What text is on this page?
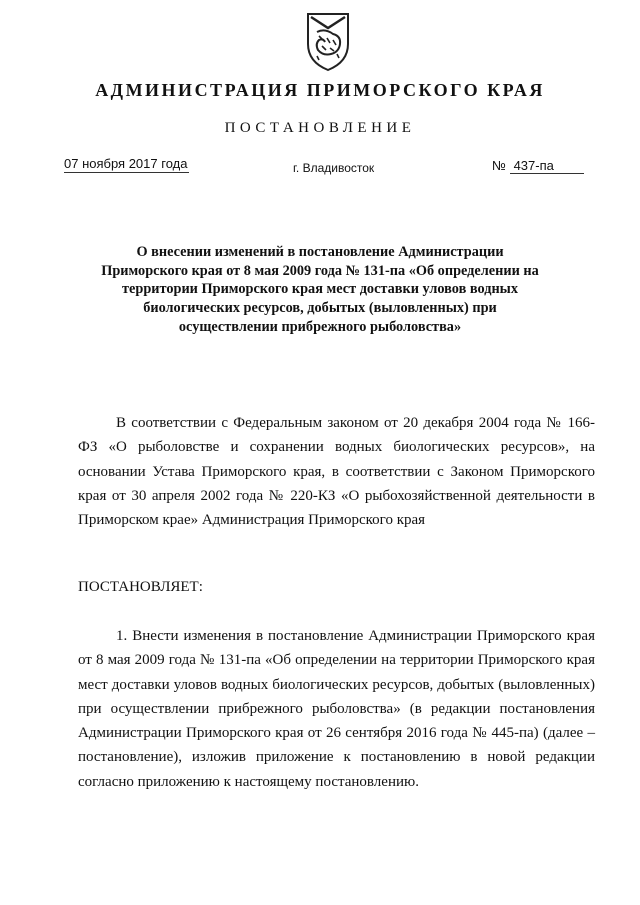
АДМИНИСТРАЦИЯ ПРИМОРСКОГО КРАЯ
ПОСТАНОВЛЕНИЕ
07 ноября 2017 года	г. Владивосток	№ 437-па
О внесении изменений в постановление Администрации Приморского края от 8 мая 2009 года № 131-па «Об определении на территории Приморского края мест доставки уловов водных биологических ресурсов, добытых (выловленных) при осуществлении прибрежного рыболовства»
В соответствии с Федеральным законом от 20 декабря 2004 года № 166-ФЗ «О рыболовстве и сохранении водных биологических ресурсов», на основании Устава Приморского края, в соответствии с Законом Приморского края от 30 апреля 2002 года № 220-КЗ «О рыбохозяйственной деятельности в Приморском крае» Администрация Приморского края
ПОСТАНОВЛЯЕТ:
1. Внести изменения в постановление Администрации Приморского края от 8 мая 2009 года № 131-па «Об определении на территории Приморского края мест доставки уловов водных биологических ресурсов, добытых (выловленных) при осуществлении прибрежного рыболовства» (в редакции постановления Администрации Приморского края от 26 сентября 2016 года № 445-па) (далее – постановление), изложив приложение к постановлению в новой редакции согласно приложению к настоящему постановлению.
